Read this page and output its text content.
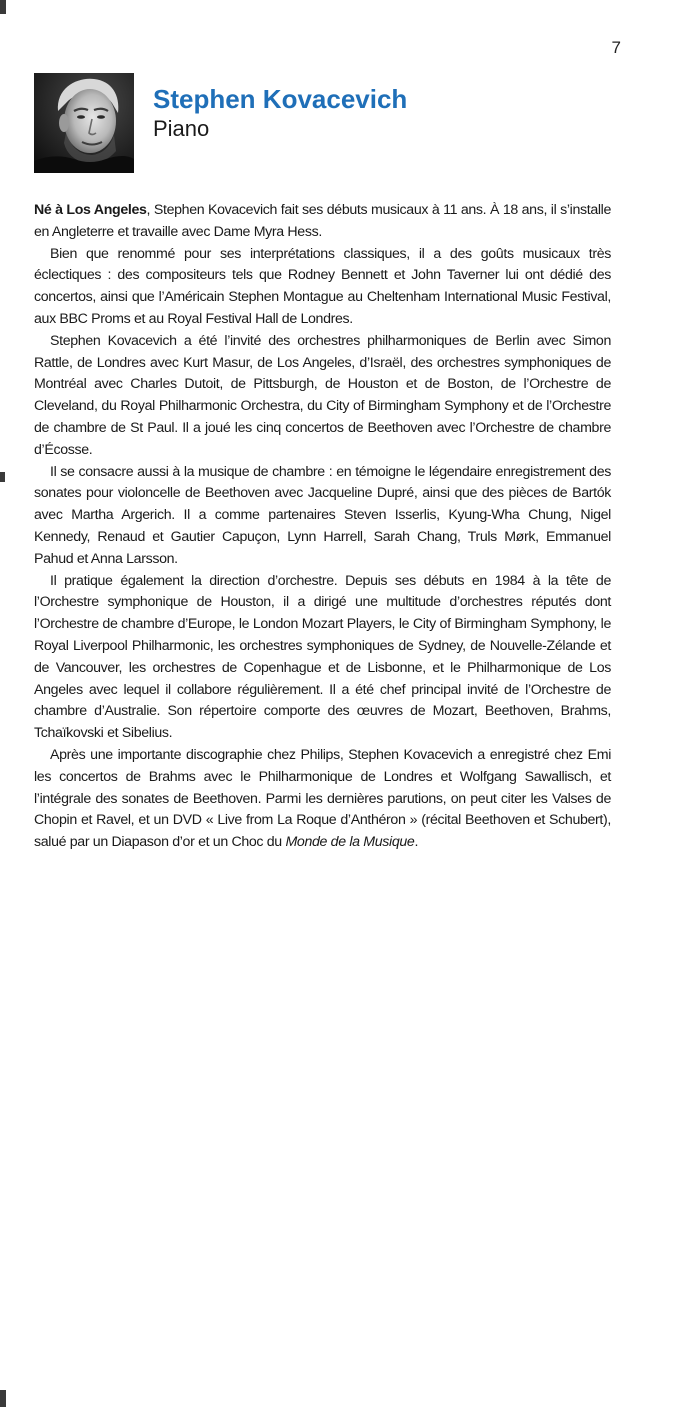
7
Stephen Kovacevich
Piano

Né à Los Angeles, Stephen Kovacevich fait ses débuts musicaux à 11 ans. À 18 ans, il s’installe en Angleterre et travaille avec Dame Myra Hess.

Bien que renommé pour ses interprétations classiques, il a des goûts musicaux très éclectiques : des compositeurs tels que Rodney Bennett et John Taverner lui ont dédié des concertos, ainsi que l’Américain Stephen Montague au Cheltenham International Music Festival, aux BBC Proms et au Royal Festival Hall de Londres.

Stephen Kovacevich a été l’invité des orchestres philharmoniques de Berlin avec Simon Rattle, de Londres avec Kurt Masur, de Los Angeles, d’Israël, des orchestres symphoniques de Montréal avec Charles Dutoit, de Pittsburgh, de Houston et de Boston, de l’Orchestre de Cleveland, du Royal Philharmonic Orchestra, du City of Birmingham Symphony et de l’Orchestre de chambre de St Paul. Il a joué les cinq concertos de Beethoven avec l’Orchestre de chambre d’Écosse.

Il se consacre aussi à la musique de chambre : en témoigne le légendaire enregistrement des sonates pour violoncelle de Beethoven avec Jacqueline Dupré, ainsi que des pièces de Bartók avec Martha Argerich. Il a comme partenaires Steven Isserlis, Kyung-Wha Chung, Nigel Kennedy, Renaud et Gautier Capuçon, Lynn Harrell, Sarah Chang, Truls Mørk, Emmanuel Pahud et Anna Larsson.

Il pratique également la direction d’orchestre. Depuis ses débuts en 1984 à la tête de l’Orchestre symphonique de Houston, il a dirigé une multitude d’orchestres réputés dont l’Orchestre de chambre d’Europe, le London Mozart Players, le City of Birmingham Symphony, le Royal Liverpool Philharmonic, les orchestres symphoniques de Sydney, de Nouvelle-Zélande et de Vancouver, les orchestres de Copenhague et de Lisbonne, et le Philharmonique de Los Angeles avec lequel il collabore régulièrement. Il a été chef principal invité de l’Orchestre de chambre d’Australie. Son répertoire comporte des œuvres de Mozart, Beethoven, Brahms, Tchaïkovski et Sibelius.

Après une importante discographie chez Philips, Stephen Kovacevich a enregistré chez Emi les concertos de Brahms avec le Philharmonique de Londres et Wolfgang Sawallisch, et l’intégrale des sonates de Beethoven. Parmi les dernières parutions, on peut citer les Valses de Chopin et Ravel, et un DVD « Live from La Roque d’Anthéron » (récital Beethoven et Schubert), salué par un Diapason d’or et un Choc du Monde de la Musique.
